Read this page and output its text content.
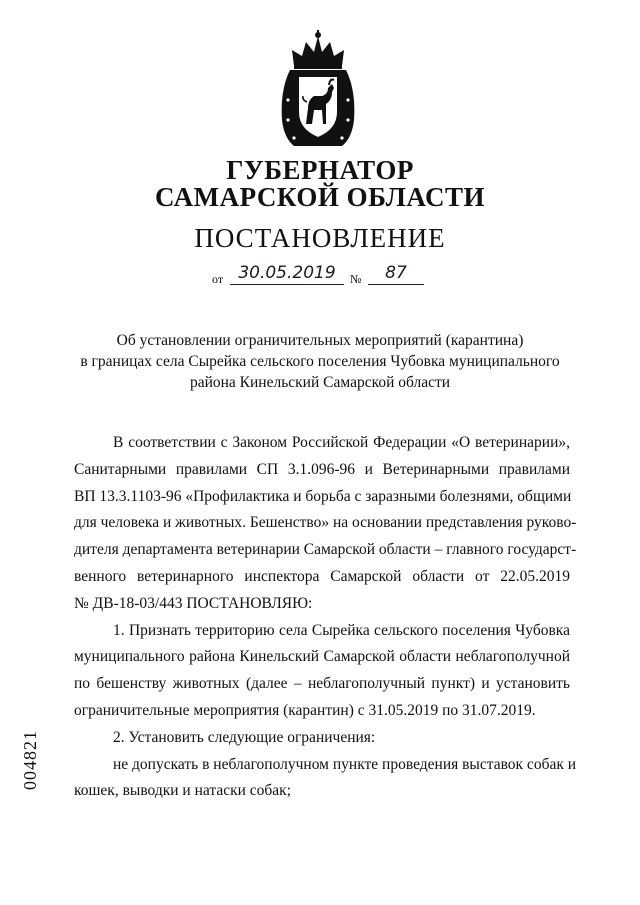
ГУБЕРНАТОР
САМАРСКОЙ ОБЛАСТИ
ПОСТАНОВЛЕНИЕ
от 30.05.2019	№	87
Об установлении ограничительных мероприятий (карантина)
в границах села Сырейка сельского поселения Чубовка муниципального
района Кинельский Самарской области

В соответствии с Законом Российской Федерации «О ветеринарии»,
Санитарными правилами СП 3.1.096-96 и Ветеринарными правилами
ВП 13.3.1103-96 «Профилактика и борьба с заразными болезнями, общими
для человека и животных. Бешенство» на основании представления руково-
дителя департамента ветеринарии Самарской области – главного государст-
венного ветеринарного инспектора Самарской области от 22.05.2019
№ ДВ-18-03/443 ПОСТАНОВЛЯЮ:

1. Признать территорию села Сырейка сельского поселения Чубовка
муниципального района Кинельский Самарской области неблагополучной
по бешенству животных (далее – неблагополучный пункт) и установить
ограничительные мероприятия (карантин) с 31.05.2019 по 31.07.2019.

2. Установить следующие ограничения:

не допускать в неблагополучном пункте проведения выставок собак и
кошек, выводки и натаски собак;

004821
